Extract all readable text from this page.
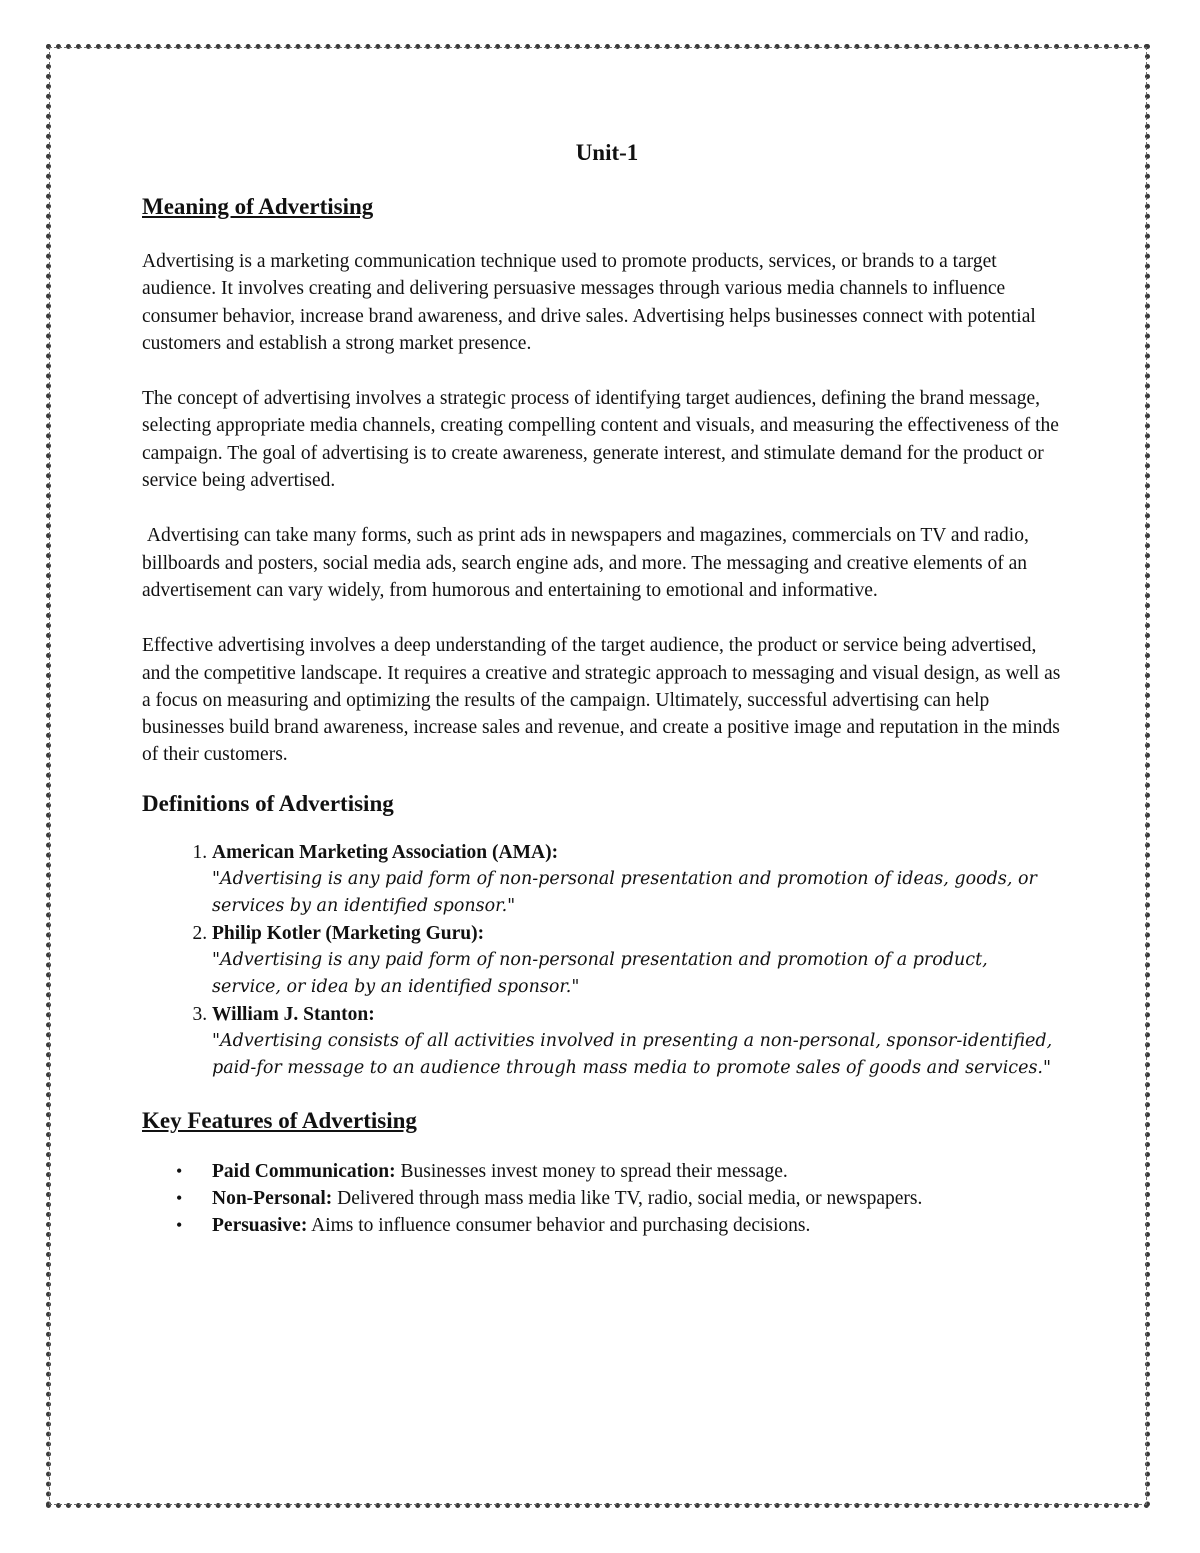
Unit-1
Meaning of Advertising

Advertising is a marketing communication technique used to promote products, services, or brands to a target audience. It involves creating and delivering persuasive messages through various media channels to influence consumer behavior, increase brand awareness, and drive sales. Advertising helps businesses connect with potential customers and establish a strong market presence.

The concept of advertising involves a strategic process of identifying target audiences, defining the brand message, selecting appropriate media channels, creating compelling content and visuals, and measuring the effectiveness of the campaign. The goal of advertising is to create awareness, generate interest, and stimulate demand for the product or service being advertised.

Advertising can take many forms, such as print ads in newspapers and magazines, commercials on TV and radio, billboards and posters, social media ads, search engine ads, and more. The messaging and creative elements of an advertisement can vary widely, from humorous and entertaining to emotional and informative.

Effective advertising involves a deep understanding of the target audience, the product or service being advertised, and the competitive landscape. It requires a creative and strategic approach to messaging and visual design, as well as a focus on measuring and optimizing the results of the campaign. Ultimately, successful advertising can help businesses build brand awareness, increase sales and revenue, and create a positive image and reputation in the minds of their customers.

Definitions of Advertising
1. American Marketing Association (AMA):
"Advertising is any paid form of non-personal presentation and promotion of ideas, goods, or services by an identified sponsor."
2. Philip Kotler (Marketing Guru):
"Advertising is any paid form of non-personal presentation and promotion of a product, service, or idea by an identified sponsor."
3. William J. Stanton:
"Advertising consists of all activities involved in presenting a non-personal, sponsor-identified, paid-for message to an audience through mass media to promote sales of goods and services."
Key Features of Advertising
• Paid Communication: Businesses invest money to spread their message.
• Non-Personal: Delivered through mass media like TV, radio, social media, or newspapers.
• Persuasive: Aims to influence consumer behavior and purchasing decisions.
